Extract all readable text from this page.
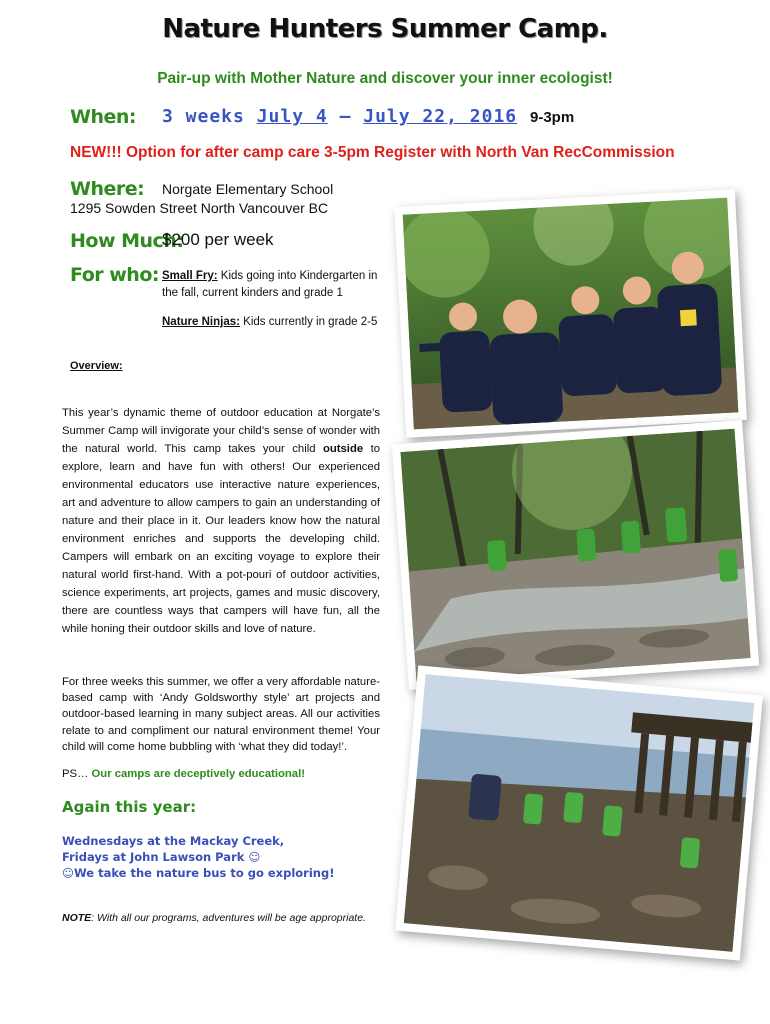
Nature Hunters Summer Camp.
Pair-up with Mother Nature and discover your inner ecologist!
When: 3 weeks July 4 – July 22, 2016 9-3pm
NEW!!! Option for after camp care 3-5pm Register with North Van RecCommission
Where: Norgate Elementary School
1295 Sowden Street North Vancouver BC
How Much:
$200 per week
For who: Small Fry: Kids going into Kindergarten in the fall, current kinders and grade 1
Nature Ninjas: Kids currently in grade 2-5
Overview:
This year’s dynamic theme of outdoor education at Norgate’s Summer Camp will invigorate your child’s sense of wonder with the natural world. This camp takes your child outside to explore, learn and have fun with others! Our experienced environmental educators use interactive nature experiences, art and adventure to allow campers to gain an understanding of nature and their place in it. Our leaders know how the natural environment enriches and supports the developing child. Campers will embark on an exciting voyage to explore their natural world first-hand. With a pot-pouri of outdoor activities, science experiments, art projects, games and music discovery, there are countless ways that campers will have fun, all the while honing their outdoor skills and love of nature.
For three weeks this summer, we offer a very affordable nature-based camp with ‘Andy Goldsworthy style’ art projects and outdoor-based learning in many subject areas. All our activities relate to and compliment our natural environment theme! Your child will come home bubbling with ‘what they did today!’.
PS… Our camps are deceptively educational!
Again this year:
Wednesdays at the Mackay Creek,
Fridays at John Lawson Park ☺
☺We take the nature bus to go exploring!
NOTE: With all our programs, adventures will be age appropriate.
